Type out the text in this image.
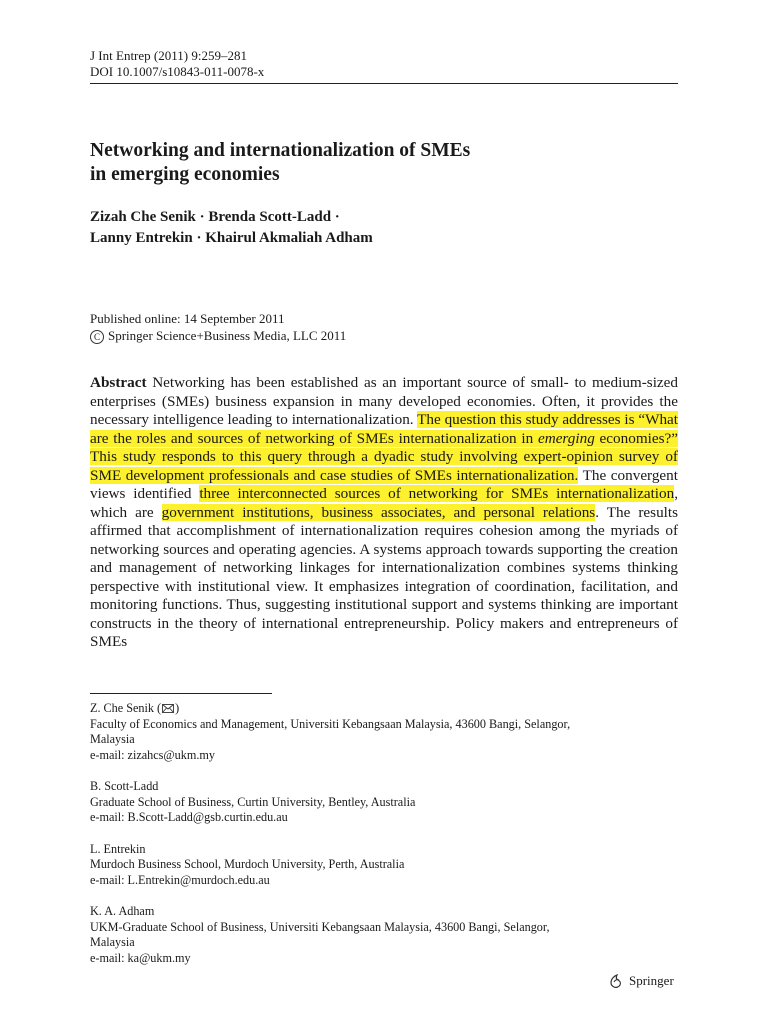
J Int Entrep (2011) 9:259–281
DOI 10.1007/s10843-011-0078-x
Networking and internationalization of SMEs
in emerging economies
Zizah Che Senik · Brenda Scott-Ladd ·
Lanny Entrekin · Khairul Akmaliah Adham
Published online: 14 September 2011
C Springer Science+Business Media, LLC 2011

Abstract Networking has been established as an important source of small- to medium-sized enterprises (SMEs) business expansion in many developed economies. Often, it provides the necessary intelligence leading to internationalization. The question this study addresses is “What are the roles and sources of networking of SMEs internationalization in emerging economies?” This study responds to this query through a dyadic study involving expert-opinion survey of SME development professionals and case studies of SMEs internationalization. The convergent views identified three interconnected sources of networking for SMEs internationalization, which are government institutions, business associates, and personal relations. The results affirmed that accomplishment of internationalization requires cohesion among the myriads of networking sources and operating agencies. A systems approach towards supporting the creation and management of networking linkages for internationalization combines systems thinking perspective with institutional view. It emphasizes integration of coordination, facilitation, and monitoring functions. Thus, suggesting institutional support and systems thinking are important constructs in the theory of international entrepreneurship. Policy makers and entrepreneurs of SMEs

Z. Che Senik ( )
Faculty of Economics and Management, Universiti Kebangsaan Malaysia, 43600 Bangi, Selangor,
Malaysia
e-mail: zizahcs@ukm.my
B. Scott-Ladd
Graduate School of Business, Curtin University, Bentley, Australia
e-mail: B.Scott-Ladd@gsb.curtin.edu.au
L. Entrekin
Murdoch Business School, Murdoch University, Perth, Australia
e-mail: L.Entrekin@murdoch.edu.au
K. A. Adham
UKM-Graduate School of Business, Universiti Kebangsaan Malaysia, 43600 Bangi, Selangor,
Malaysia
e-mail: ka@ukm.my
Springer
